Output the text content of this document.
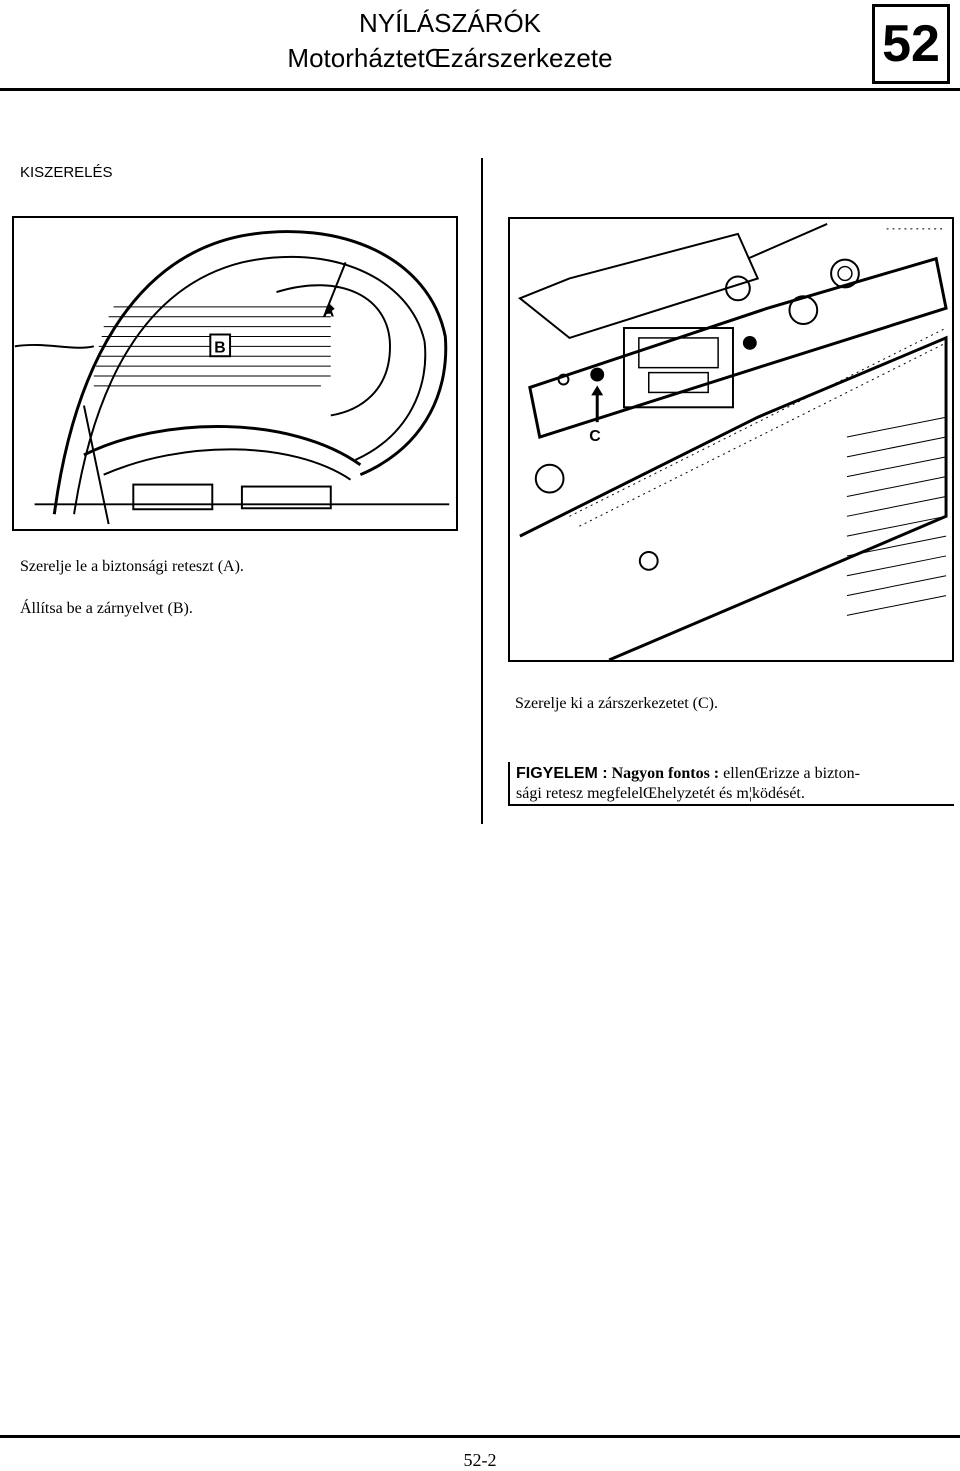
NYÍLÁSZÁRÓK
MotorháztetŒzárszerkezete	52
KISZERELÉS
A
B
Szerelje le a biztonsági reteszt (A).
Állítsa be a zárnyelvet (B).
C
Szerelje ki a zárszerkezetet (C).
FIGYELEM : Nagyon fontos : ellenŒrizze a bizton-
sági retesz megfelelŒhelyzetét és m¦ködését.
52-2
